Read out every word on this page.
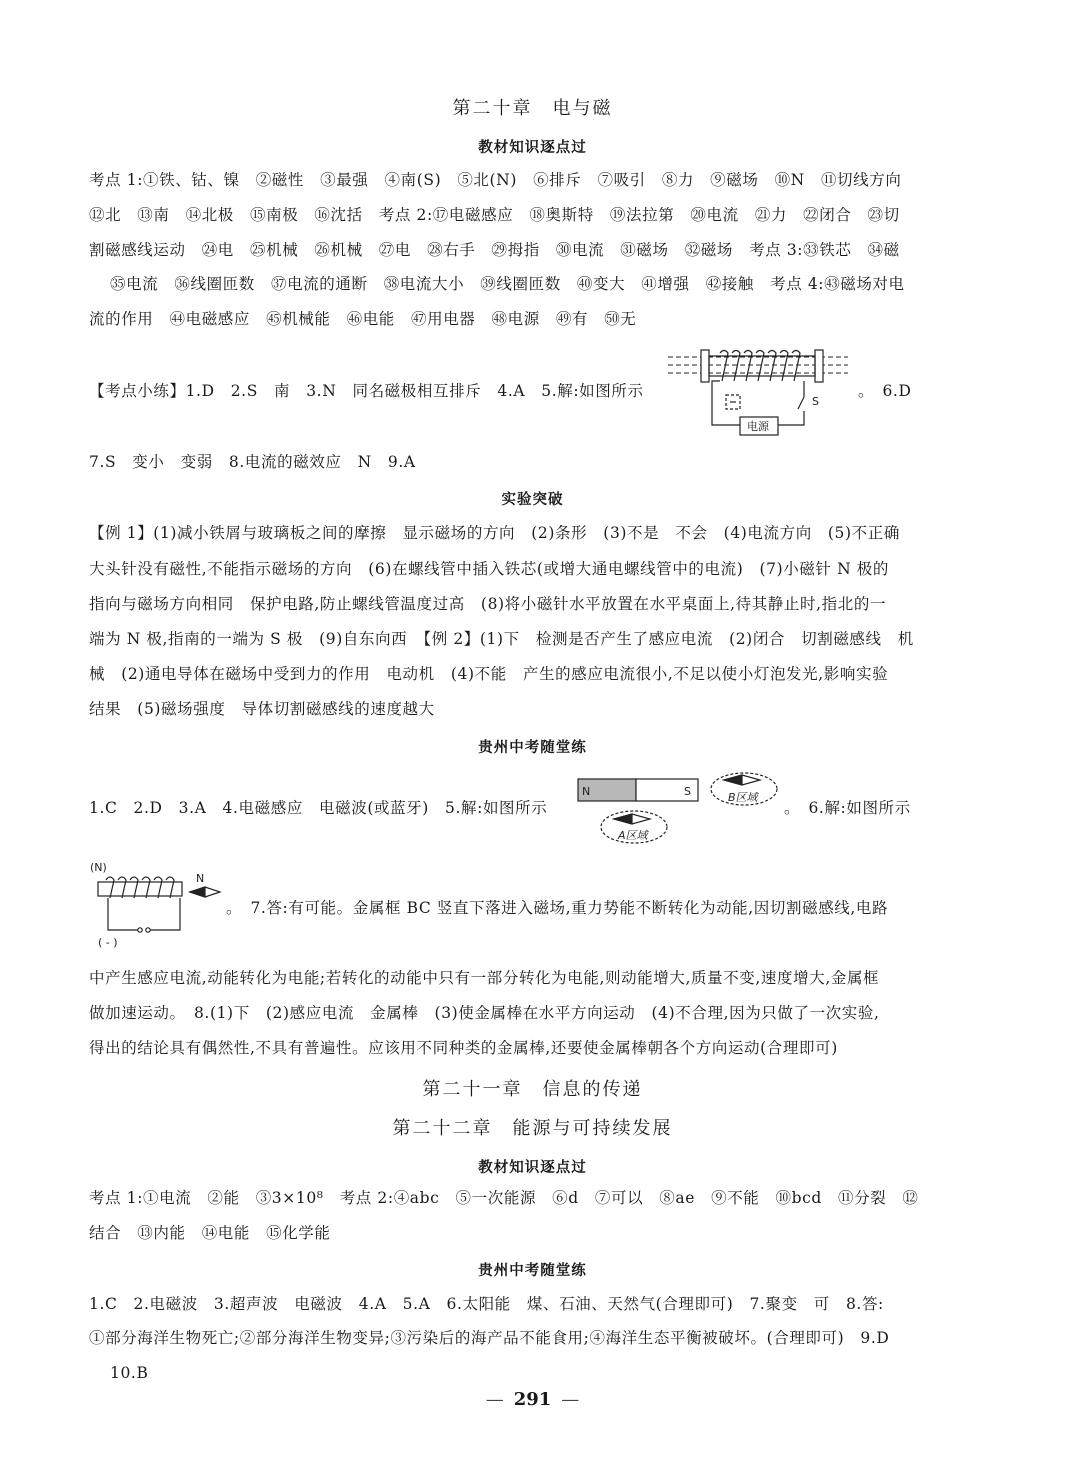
第二十章　电与磁
教材知识逐点过
考点 1:①铁、钴、镍　②磁性　③最强　④南(S)　⑤北(N)　⑥排斥　⑦吸引　⑧力　⑨磁场　⑩N　⑪切线方向
⑫北　⑬南　⑭北极　⑮南极　⑯沈括　考点 2:⑰电磁感应　⑱奥斯特　⑲法拉第　⑳电流　㉑力　㉒闭合　㉓切
割磁感线运动　㉔电　㉕机械　㉖机械　㉗电　㉘右手　㉙拇指　㉚电流　㉛磁场　㉜磁场　考点 3:㉝铁芯　㉞磁
㉟电流　㊱线圈匝数　㊲电流的通断　㊳电流大小　㊴线圈匝数　㊵变大　㊶增强　㊷接触　考点 4:㊸磁场对电
流的作用　㊹电磁感应　㊺机械能　㊻电能　㊼用电器　㊽电源　㊾有　㊿无
【考点小练】1.D　2.S　南　3.N　同名磁极相互排斥　4.A　5.解:如图所示
S
电源
。　6.D
7.S　变小　变弱　8.电流的磁效应　N　9.A
实验突破
【例 1】(1)减小铁屑与玻璃板之间的摩擦　显示磁场的方向　(2)条形　(3)不是　不会　(4)电流方向　(5)不正确
大头针没有磁性,不能指示磁场的方向　(6)在螺线管中插入铁芯(或增大通电螺线管中的电流)　(7)小磁针 N 极的
指向与磁场方向相同　保护电路,防止螺线管温度过高　(8)将小磁针水平放置在水平桌面上,待其静止时,指北的一
端为 N 极,指南的一端为 S 极　(9)自东向西　【例 2】(1)下　检测是否产生了感应电流　(2)闭合　切割磁感线　机
械　(2)通电导体在磁场中受到力的作用　电动机　(4)不能　产生的感应电流很小,不足以使小灯泡发光,影响实验
结果　(5)磁场强度　导体切割磁感线的速度越大
贵州中考随堂练
1.C　2.D　3.A　4.电磁感应　电磁波(或蓝牙)　5.解:如图所示
N	S	B区域
A区域
。　6.解:如图所示
(N)
N
( - )
。　7.答:有可能。金属框 BC 竖直下落进入磁场,重力势能不断转化为动能,因切割磁感线,电路
中产生感应电流,动能转化为电能;若转化的动能中只有一部分转化为电能,则动能增大,质量不变,速度增大,金属框
做加速运动。　8.(1)下　(2)感应电流　金属棒　(3)使金属棒在水平方向运动　(4)不合理,因为只做了一次实验,
得出的结论具有偶然性,不具有普遍性。应该用不同种类的金属棒,还要使金属棒朝各个方向运动(合理即可)
第二十一章　信息的传递
第二十二章　能源与可持续发展
教材知识逐点过
考点 1:①电流　②能　③3×10⁸　考点 2:④abc　⑤一次能源　⑥d　⑦可以　⑧ae　⑨不能　⑩bcd　⑪分裂　⑫
结合　⑬内能　⑭电能　⑮化学能
贵州中考随堂练
1.C　2.电磁波　3.超声波　电磁波　4.A　5.A　6.太阳能　煤、石油、天然气(合理即可)　7.聚变　可　8.答:
①部分海洋生物死亡;②部分海洋生物变异;③污染后的海产品不能食用;④海洋生态平衡被破坏。(合理即可)　9.D
10.B
— 291 —
